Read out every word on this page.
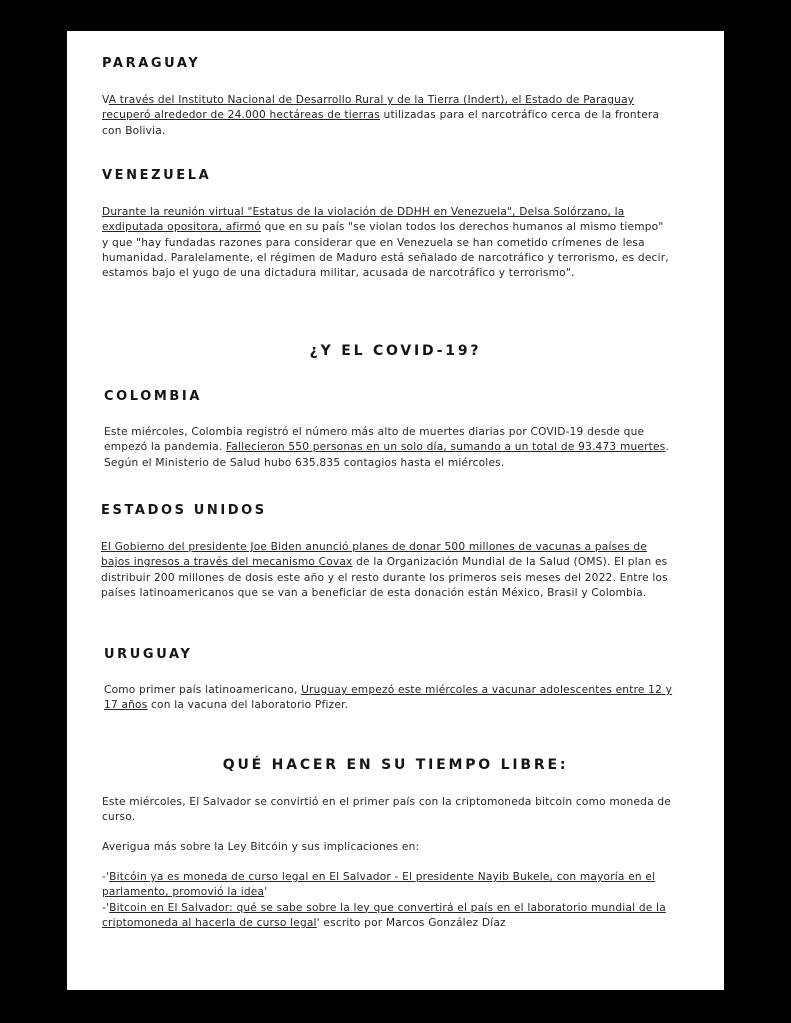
PARAGUAY

VA través del Instituto Nacional de Desarrollo Rural y de la Tierra (Indert), el Estado de Paraguay recuperó alrededor de 24.000 hectáreas de tierras utilizadas para el narcotráfico cerca de la frontera con Bolivia.

VENEZUELA

Durante la reunión virtual "Estatus de la violación de DDHH en Venezuela", Delsa Solórzano, la exdiputada opositora, afirmó que en su país "se violan todos los derechos humanos al mismo tiempo" y que "hay fundadas razones para considerar que en Venezuela se han cometido crímenes de lesa humanidad. Paralelamente, el régimen de Maduro está señalado de narcotráfico y terrorismo, es decir, estamos bajo el yugo de una dictadura militar, acusada de narcotráfico y terrorismo".

¿Y EL COVID-19?
COLOMBIA

Este miércoles, Colombia registró el número más alto de muertes diarias por COVID-19 desde que empezó la pandemia. Fallecieron 550 personas en un solo día, sumando a un total de 93.473 muertes. Según el Ministerio de Salud hubo 635.835 contagios hasta el miércoles.

ESTADOS UNIDOS

El Gobierno del presidente Joe Biden anunció planes de donar 500 millones de vacunas a países de bajos ingresos a través del mecanismo Covax de la Organización Mundial de la Salud (OMS). El plan es distribuir 200 millones de dosis este año y el resto durante los primeros seis meses del 2022. Entre los países latinoamericanos que se van a beneficiar de esta donación están México, Brasil y Colombia.

URUGUAY

Como primer país latinoamericano, Uruguay empezó este miércoles a vacunar adolescentes entre 12 y 17 años con la vacuna del laboratorio Pfizer.

QUÉ HACER EN SU TIEMPO LIBRE:

Este miércoles, El Salvador se convirtió en el primer país con la criptomoneda bitcoin como moneda de curso.

Averigua más sobre la Ley Bitcóin y sus implicaciones en:

-'Bitcóin ya es moneda de curso legal en El Salvador - El presidente Nayib Bukele, con mayoría en el parlamento, promovió la idea'

-'Bitcoin en El Salvador: qué se sabe sobre la ley que convertirá el país en el laboratorio mundial de la criptomoneda al hacerla de curso legal' escrito por Marcos González Díaz
